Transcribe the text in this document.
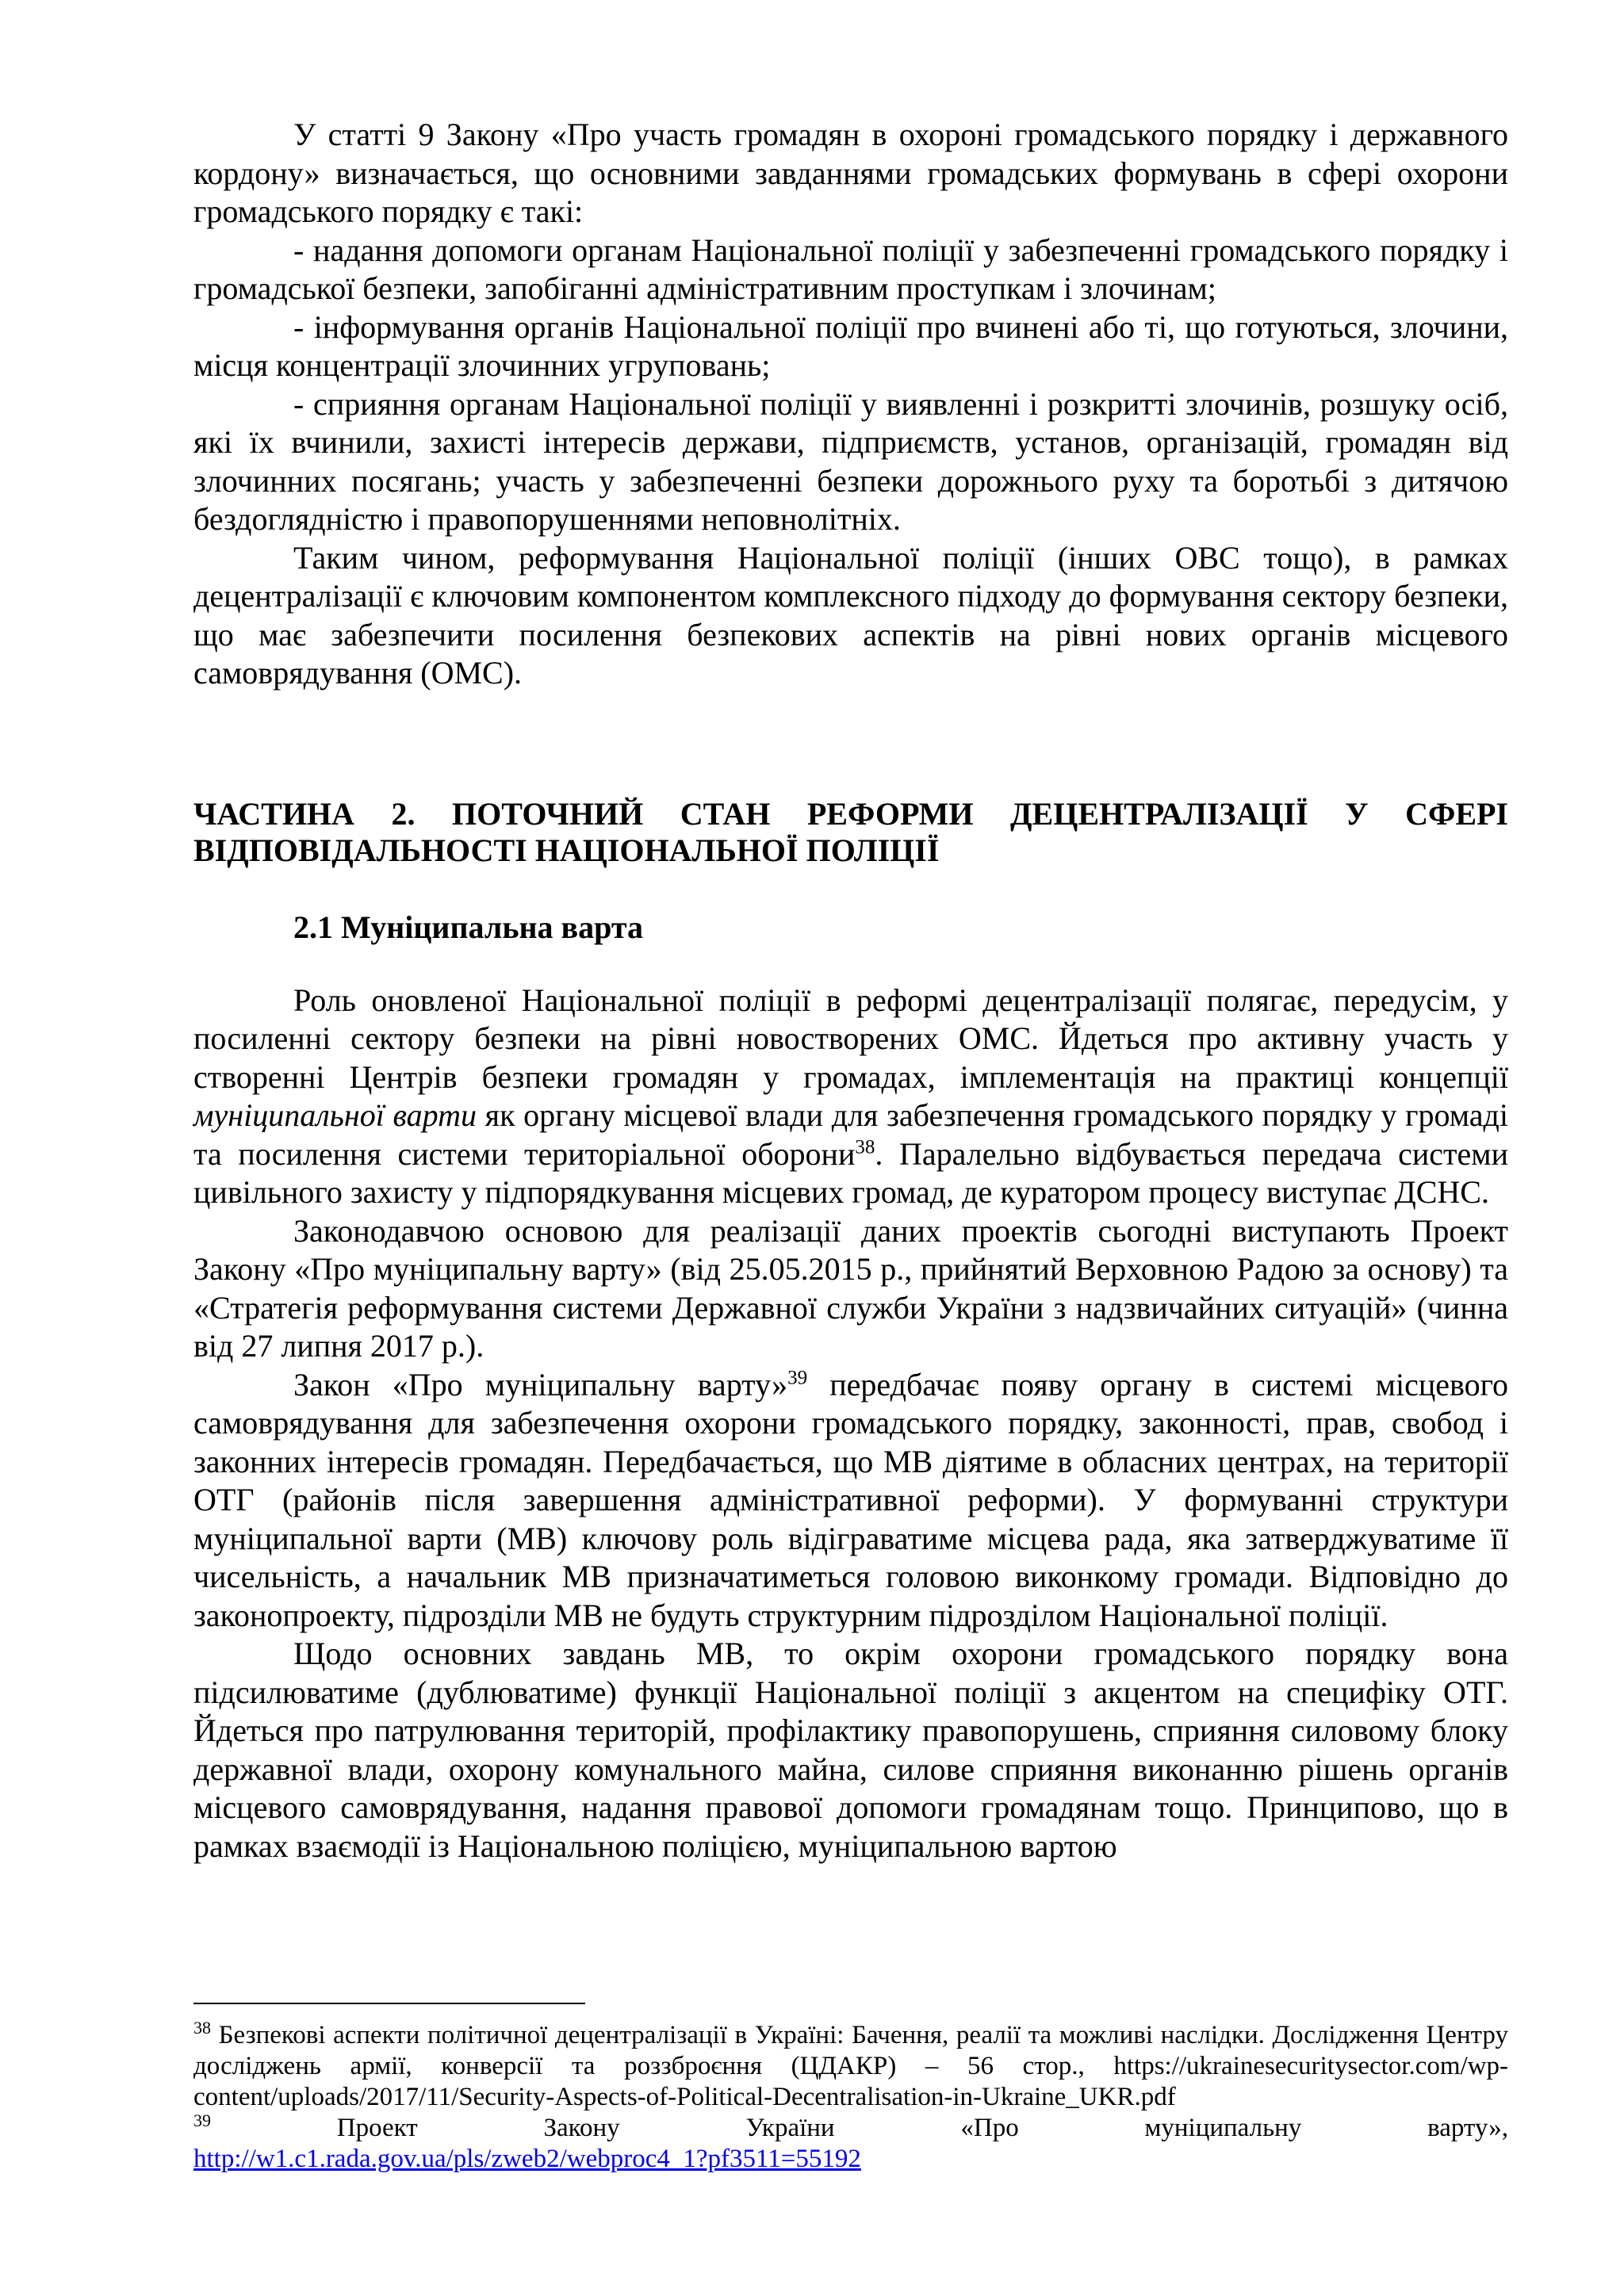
У статті 9 Закону «Про участь громадян в охороні громадського порядку і державного кордону» визначається, що основними завданнями громадських формувань в сфері охорони громадського порядку є такі:

- надання допомоги органам Національної поліції у забезпеченні громадського порядку і громадської безпеки, запобіганні адміністративним проступкам і злочинам;

- інформування органів Національної поліції про вчинені або ті, що готуються, злочини, місця концентрації злочинних угруповань;

- сприяння органам Національної поліції у виявленні і розкритті злочинів, розшуку осіб, які їх вчинили, захисті інтересів держави, підприємств, установ, організацій, громадян від злочинних посягань; участь у забезпеченні безпеки дорожнього руху та боротьбі з дитячою бездоглядністю і правопорушеннями неповнолітніх.

Таким чином, реформування Національної поліції (інших ОВС тощо), в рамках децентралізації є ключовим компонентом комплексного підходу до формування сектору безпеки, що має забезпечити посилення безпекових аспектів на рівні нових органів місцевого самоврядування (ОМС).

ЧАСТИНА 2. ПОТОЧНИЙ СТАН РЕФОРМИ ДЕЦЕНТРАЛІЗАЦІЇ У СФЕРІ ВІДПОВІДАЛЬНОСТІ НАЦІОНАЛЬНОЇ ПОЛІЦІЇ
2.1 Муніципальна варта

Роль оновленої Національної поліції в реформі децентралізації полягає, передусім, у посиленні сектору безпеки на рівні новостворених ОМС. Йдеться про активну участь у створенні Центрів безпеки громадян у громадах, імплементація на практиці концепції муніципальної варти як органу місцевої влади для забезпечення громадського порядку у громаді та посилення системи територіальної оборони$^{38}$. Паралельно відбувається передача системи цивільного захисту у підпорядкування місцевих громад, де куратором процесу виступає ДСНС.

Законодавчою основою для реалізації даних проектів сьогодні виступають Проект Закону «Про муніципальну варту» (від 25.05.2015 р., прийнятий Верховною Радою за основу) та «Стратегія реформування системи Державної служби України з надзвичайних ситуацій» (чинна від 27 липня 2017 р.).

Закон «Про муніципальну варту»$^{39}$ передбачає появу органу в системі місцевого самоврядування для забезпечення охорони громадського порядку, законності, прав, свобод і законних інтересів громадян. Передбачається, що МВ діятиме в обласних центрах, на території ОТГ (районів після завершення адміністративної реформи). У формуванні структури муніципальної варти (МВ) ключову роль відіграватиме місцева рада, яка затверджуватиме її чисельність, а начальник МВ призначатиметься головою виконкому громади. Відповідно до законопроекту, підрозділи МВ не будуть структурним підрозділом Національної поліції.

Щодо основних завдань МВ, то окрім охорони громадського порядку вона підсилюватиме (дублюватиме) функції Національної поліції з акцентом на специфіку ОТГ. Йдеться про патрулювання територій, профілактику правопорушень, сприяння силовому блоку державної влади, охорону комунального майна, силове сприяння виконанню рішень органів місцевого самоврядування, надання правової допомоги громадянам тощо. Принципово, що в рамках взаємодії із Національною поліцією, муніципальною вартою

$^{38}$ Безпекові аспекти політичної децентралізації в Україні: Бачення, реалії та можливі наслідки. Дослідження Центру досліджень армії, конверсії та роззброєння (ЦДАКР) – 56 стор., https://ukrainesecuritysector.com/wp-content/uploads/2017/11/Security-Aspects-of-Political-Decentralisation-in-Ukraine_UKR.pdf

$^{39}$ Проект Закону України «Про муніципальну варту»,

http://w1.c1.rada.gov.ua/pls/zweb2/webproc4_1?pf3511=55192
